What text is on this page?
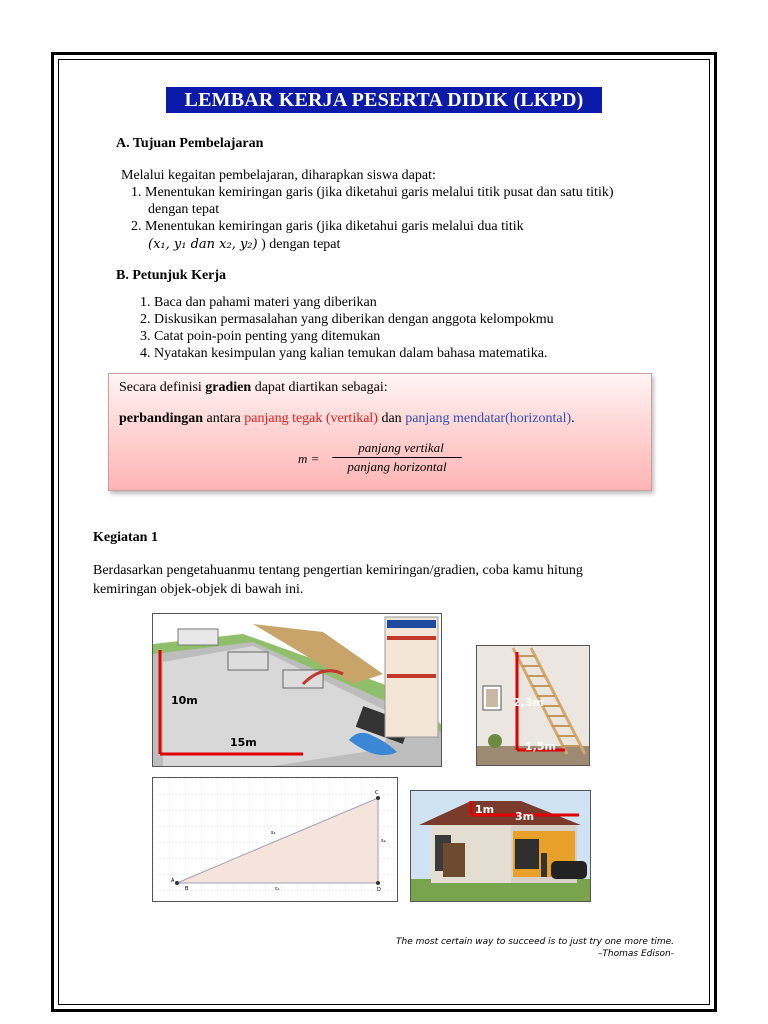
LEMBAR KERJA PESERTA DIDIK (LKPD)
A. Tujuan Pembelajaran
Melalui kegaitan pembelajaran, diharapkan siswa dapat:
1. Menentukan kemiringan garis (jika diketahui garis melalui titik pusat dan satu titik)
dengan tepat
2. Menentukan kemiringan garis (jika diketahui garis melalui dua titik
(x₁, y₁ dan x₂, y₂) ) dengan tepat
B. Petunjuk Kerja
1. Baca dan pahami materi yang diberikan
2. Diskusikan permasalahan yang diberikan dengan anggota kelompokmu
3. Catat poin-poin penting yang ditemukan
4. Nyatakan kesimpulan yang kalian temukan dalam bahasa matematika.
Secara definisi gradien dapat diartikan sebagai:
perbandingan antara panjang tegak (vertikal) dan panjang mendatar(horizontal).
m =
panjang vertikal
panjang horizontal
Kegiatan 1
Berdasarkan pengetahuanmu tentang pengertian kemiringan/gradien, coba kamu hitung
kemiringan objek-objek di bawah ini.
10m
15m
2,3m
1,5m
A
B
C
D
s₁
s₂
c₁
1m
3m
The most certain way to succeed is to just try one more time.
–Thomas Edison-
